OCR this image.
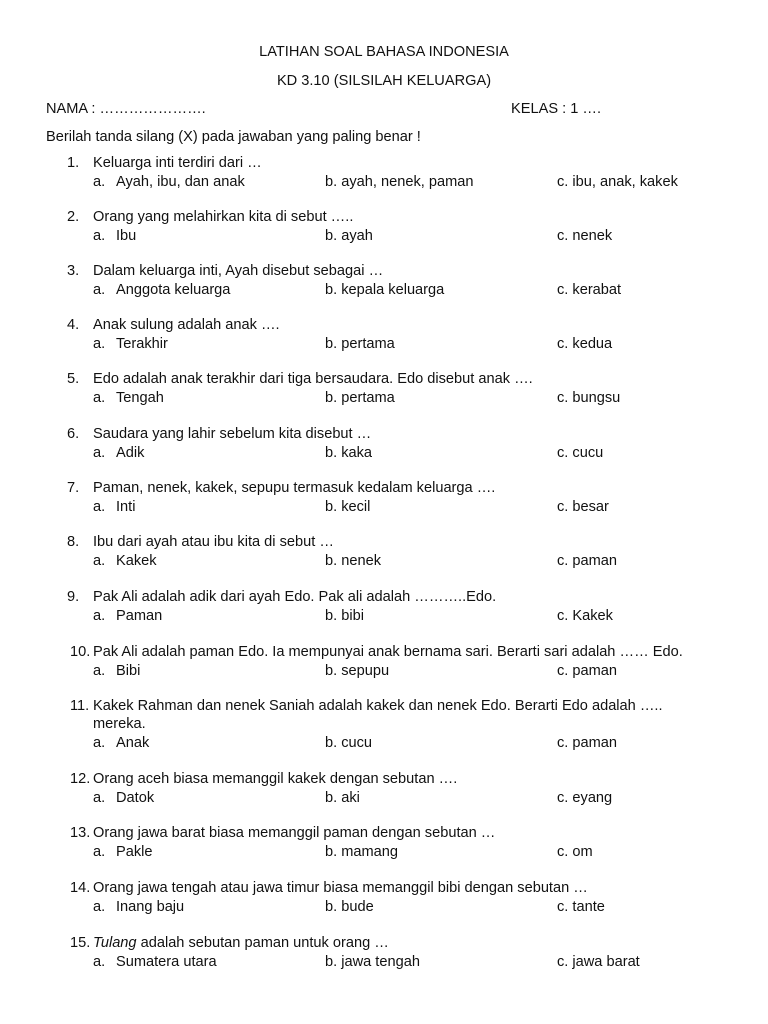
LATIHAN SOAL BAHASA INDONESIA
KD 3.10 (SILSILAH KELUARGA)
NAMA : ………………….	KELAS : 1 ….
Berilah tanda silang (X) pada jawaban yang paling benar !
1. Keluarga inti terdiri dari …
a. Ayah, ibu, dan anak	b. ayah, nenek, paman	c. ibu, anak, kakek
2. Orang yang melahirkan kita di sebut …..
a. Ibu	b. ayah	c. nenek
3. Dalam keluarga inti, Ayah disebut sebagai …
a. Anggota keluarga	b. kepala keluarga	c. kerabat
4. Anak sulung adalah anak ….
a. Terakhir	b. pertama	c. kedua
5. Edo adalah anak terakhir dari tiga bersaudara. Edo disebut anak ….
a. Tengah	b. pertama	c. bungsu
6. Saudara yang lahir sebelum kita disebut …
a. Adik	b. kaka	c. cucu
7. Paman, nenek, kakek, sepupu termasuk kedalam keluarga ….
a. Inti	b. kecil	c. besar
8. Ibu dari ayah atau ibu kita di sebut …
a. Kakek	b. nenek	c. paman
9. Pak Ali adalah adik dari ayah Edo. Pak ali adalah ………..Edo.
a. Paman	b. bibi	c. Kakek
10. Pak Ali adalah paman Edo. Ia mempunyai anak bernama sari. Berarti sari adalah …… Edo.
a. Bibi	b. sepupu	c. paman
11. Kakek Rahman dan nenek Saniah adalah kakek dan nenek Edo. Berarti Edo adalah ….. mereka.
a. Anak	b. cucu	c. paman
12. Orang aceh biasa memanggil kakek dengan sebutan ….
a. Datok	b. aki	c. eyang
13. Orang jawa barat biasa memanggil paman dengan sebutan …
a. Pakle	b. mamang	c. om
14. Orang jawa tengah atau jawa timur biasa memanggil bibi dengan sebutan …
a. Inang baju	b. bude	c. tante
15. Tulang adalah sebutan paman untuk orang …
a. Sumatera utara	b. jawa tengah	c. jawa barat
